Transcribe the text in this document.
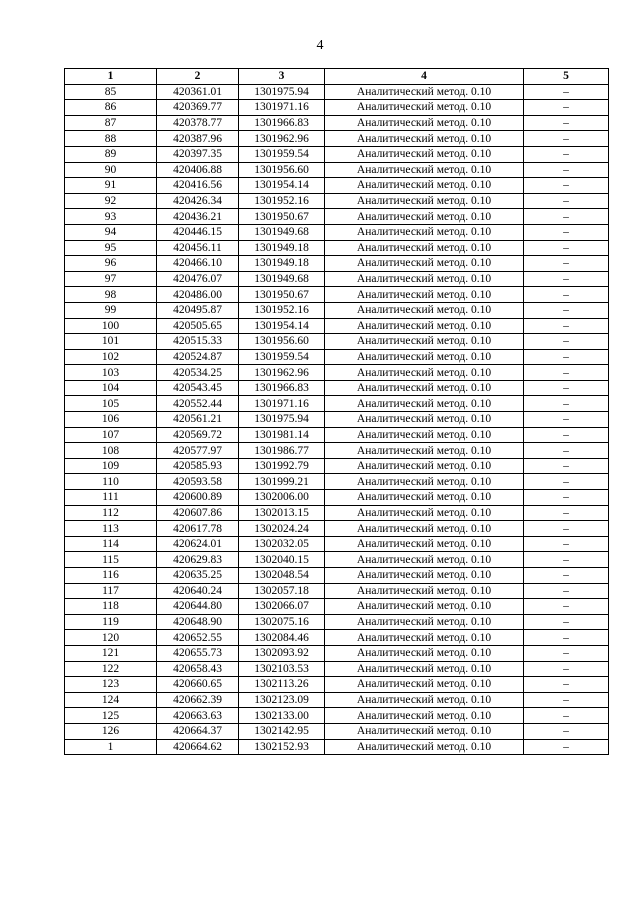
4
1	2	3	4	5
85	420361.01	1301975.94	Аналитический метод. 0.10	–
86	420369.77	1301971.16	Аналитический метод. 0.10	–
87	420378.77	1301966.83	Аналитический метод. 0.10	–
88	420387.96	1301962.96	Аналитический метод. 0.10	–
89	420397.35	1301959.54	Аналитический метод. 0.10	–
90	420406.88	1301956.60	Аналитический метод. 0.10	–
91	420416.56	1301954.14	Аналитический метод. 0.10	–
92	420426.34	1301952.16	Аналитический метод. 0.10	–
93	420436.21	1301950.67	Аналитический метод. 0.10	–
94	420446.15	1301949.68	Аналитический метод. 0.10	–
95	420456.11	1301949.18	Аналитический метод. 0.10	–
96	420466.10	1301949.18	Аналитический метод. 0.10	–
97	420476.07	1301949.68	Аналитический метод. 0.10	–
98	420486.00	1301950.67	Аналитический метод. 0.10	–
99	420495.87	1301952.16	Аналитический метод. 0.10	–
100	420505.65	1301954.14	Аналитический метод. 0.10	–
101	420515.33	1301956.60	Аналитический метод. 0.10	–
102	420524.87	1301959.54	Аналитический метод. 0.10	–
103	420534.25	1301962.96	Аналитический метод. 0.10	–
104	420543.45	1301966.83	Аналитический метод. 0.10	–
105	420552.44	1301971.16	Аналитический метод. 0.10	–
106	420561.21	1301975.94	Аналитический метод. 0.10	–
107	420569.72	1301981.14	Аналитический метод. 0.10	–
108	420577.97	1301986.77	Аналитический метод. 0.10	–
109	420585.93	1301992.79	Аналитический метод. 0.10	–
110	420593.58	1301999.21	Аналитический метод. 0.10	–
111	420600.89	1302006.00	Аналитический метод. 0.10	–
112	420607.86	1302013.15	Аналитический метод. 0.10	–
113	420617.78	1302024.24	Аналитический метод. 0.10	–
114	420624.01	1302032.05	Аналитический метод. 0.10	–
115	420629.83	1302040.15	Аналитический метод. 0.10	–
116	420635.25	1302048.54	Аналитический метод. 0.10	–
117	420640.24	1302057.18	Аналитический метод. 0.10	–
118	420644.80	1302066.07	Аналитический метод. 0.10	–
119	420648.90	1302075.16	Аналитический метод. 0.10	–
120	420652.55	1302084.46	Аналитический метод. 0.10	–
121	420655.73	1302093.92	Аналитический метод. 0.10	–
122	420658.43	1302103.53	Аналитический метод. 0.10	–
123	420660.65	1302113.26	Аналитический метод. 0.10	–
124	420662.39	1302123.09	Аналитический метод. 0.10	–
125	420663.63	1302133.00	Аналитический метод. 0.10	–
126	420664.37	1302142.95	Аналитический метод. 0.10	–
1	420664.62	1302152.93	Аналитический метод. 0.10	–
